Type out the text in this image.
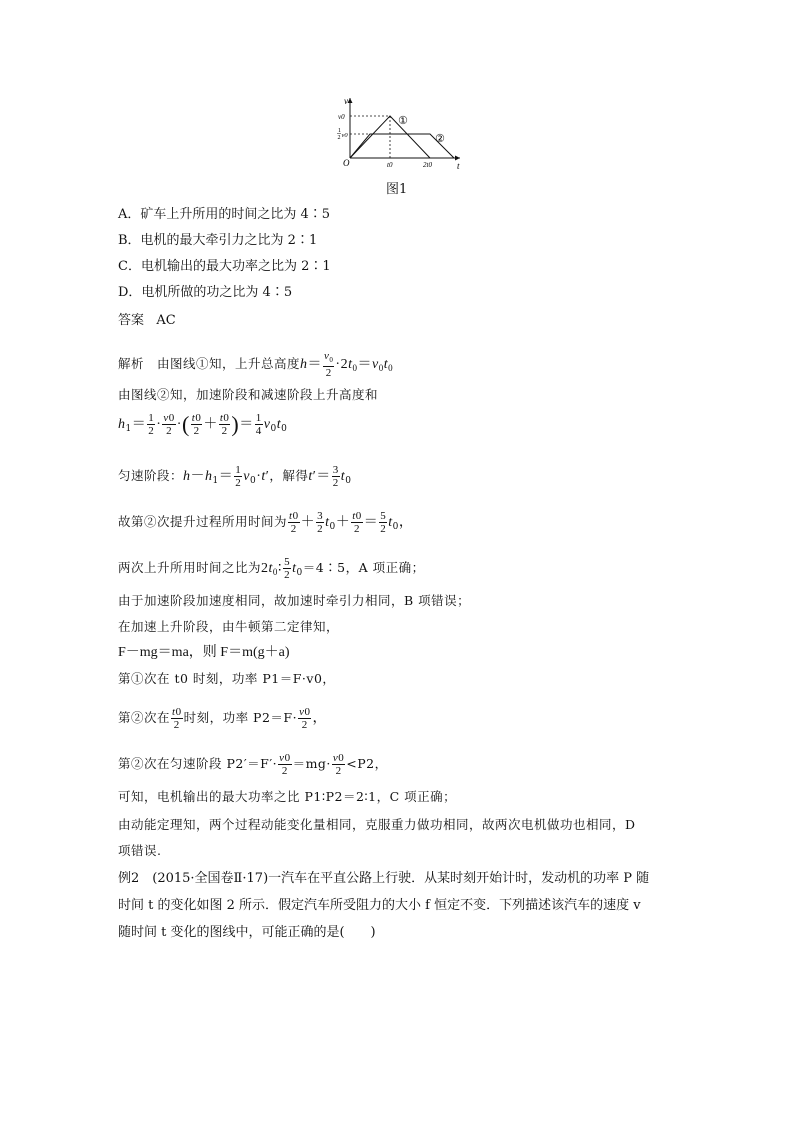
v
t
O
v0
1
2 v0
t0	2t0
①
②
图1
A．矿车上升所用的时间之比为 4∶5
B．电机的最大牵引力之比为 2∶1
C．电机输出的最大功率之比为 2∶1
D．电机所做的功之比为 4∶5
答案 AC
解析　由图线①知，上升总高度$h= \frac{v_0}{2} \cdot 2t_0=v_0t_0$
由图线②知，加速阶段和减速阶段上升高度和
$h_1= \frac{1}{2} \cdot \frac{v0}{2}$ ·( $\frac{t0}{2} + \frac{t0}{2}$ )＝ $\frac{1}{4} v_0t_0$
匀速阶段：$h-h_1= \frac{1}{2} v_0\cdot t'$，解得$t'= \frac{3}{2} t_0$
故第②次提升过程所用时间为 $\frac{t0}{2} + \frac{3}{2} t_0+ \frac{t0}{2} = \frac{5}{2} t_0$，
两次上升所用时间之比为$2t_0∶ \frac{5}{2}$ $t_0=4∶5$，A 项正确；
由于加速阶段加速度相同，故加速时牵引力相同，B 项错误；
在加速上升阶段，由牛顿第二定律知，
F－mg＝ma，则 F＝m(g＋a)
第①次在 t0 时刻，功率 P1＝F·v0，
第②次在 $\frac{t0}{2}$ 时刻，功率 $P2=F\cdot \frac{v0}{2}$ ，
第②次在匀速阶段 $P2'=F'\cdot \frac{v0}{2} =mg\cdot \frac{v0}{2} <P2$，
可知，电机输出的最大功率之比 P1∶P2＝2∶1，C 项正确；
由动能定理知，两个过程动能变化量相同，克服重力做功相同，故两次电机做功也相同，D
项错误.
例2　(2015·全国卷Ⅱ·17)一汽车在平直公路上行驶．从某时刻开始计时，发动机的功率 P 随
时间 t 的变化如图 2 所示．假定汽车所受阻力的大小 f 恒定不变．下列描述该汽车的速度 v
随时间 t 变化的图线中，可能正确的是(　　)
